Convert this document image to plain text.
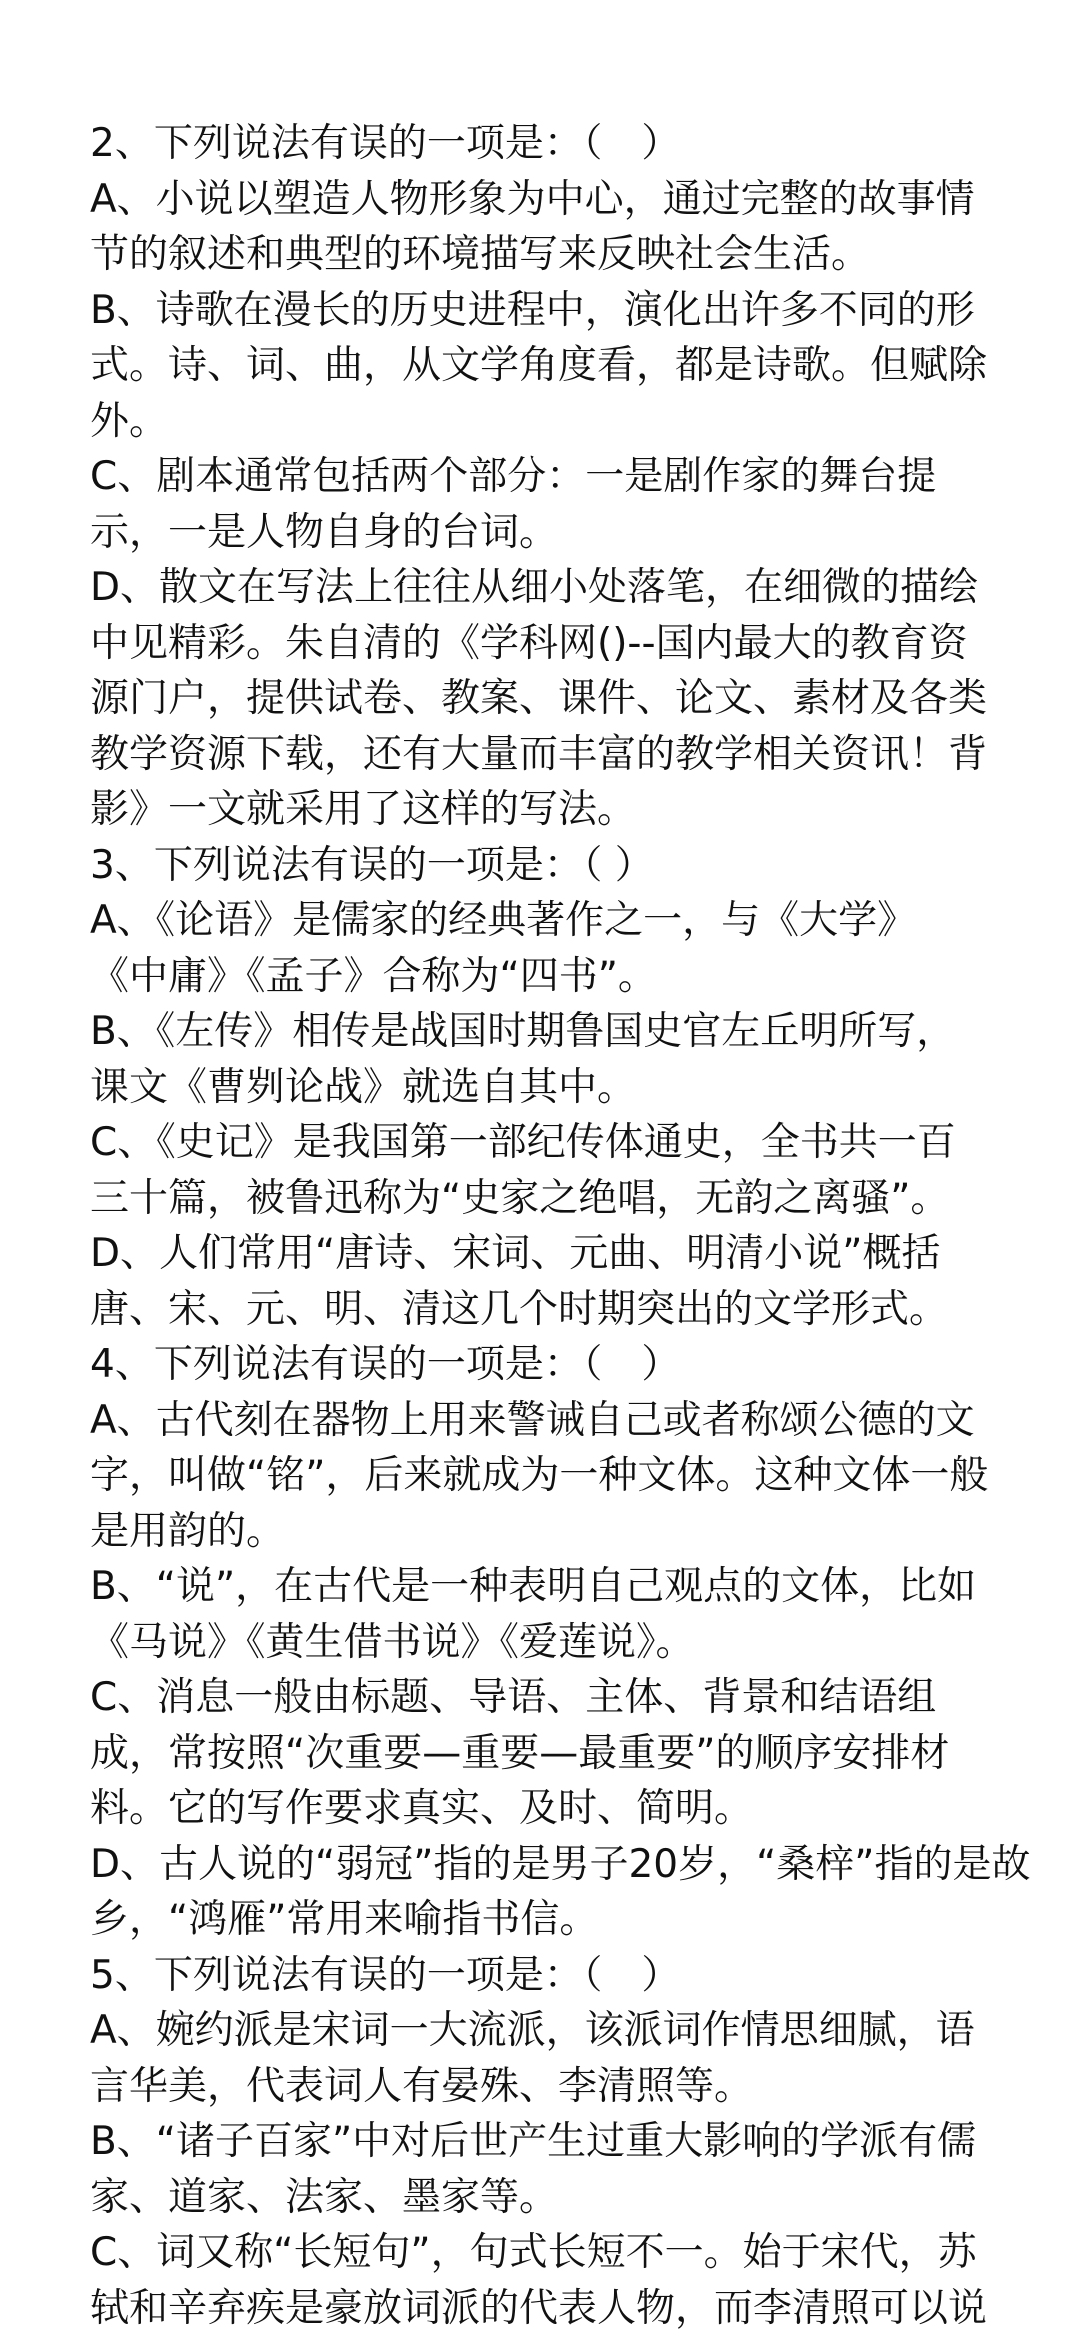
2、下列说法有误的一项是：（　）
A、小说以塑造人物形象为中心，通过完整的故事情
节的叙述和典型的环境描写来反映社会生活。
B、诗歌在漫长的历史进程中，演化出许多不同的形
式。诗、词、曲，从文学角度看，都是诗歌。但赋除
外。
C、剧本通常包括两个部分：一是剧作家的舞台提
示，一是人物自身的台词。
D、散文在写法上往往从细小处落笔，在细微的描绘
中见精彩。朱自清的《学科网()--国内最大的教育资
源门户，提供试卷、教案、课件、论文、素材及各类
教学资源下载，还有大量而丰富的教学相关资讯！背
影》一文就采用了这样的写法。
3、下列说法有误的一项是：（ ）
A、《论语》是儒家的经典著作之一，与《大学》
《中庸》《孟子》合称为“四书”。
B、《左传》相传是战国时期鲁国史官左丘明所写，
课文《曹刿论战》就选自其中。
C、《史记》是我国第一部纪传体通史，全书共一百
三十篇，被鲁迅称为“史家之绝唱，无韵之离骚”。
D、人们常用“唐诗、宋词、元曲、明清小说”概括
唐、宋、元、明、清这几个时期突出的文学形式。
4、下列说法有误的一项是：（　）
A、古代刻在器物上用来警诫自己或者称颂公德的文
字，叫做“铭”，后来就成为一种文体。这种文体一般
是用韵的。
B、“说”，在古代是一种表明自己观点的文体，比如
《马说》《黄生借书说》《爱莲说》。
C、消息一般由标题、导语、主体、背景和结语组
成，常按照“次重要—重要—最重要”的顺序安排材
料。它的写作要求真实、及时、简明。
D、古人说的“弱冠”指的是男子20岁，“桑梓”指的是故
乡，“鸿雁”常用来喻指书信。
5、下列说法有误的一项是：（　）
A、婉约派是宋词一大流派，该派词作情思细腻，语
言华美，代表词人有晏殊、李清照等。
B、“诸子百家”中对后世产生过重大影响的学派有儒
家、道家、法家、墨家等。
C、词又称“长短句”，句式长短不一。始于宋代，苏
轼和辛弃疾是豪放词派的代表人物，而李清照可以说
